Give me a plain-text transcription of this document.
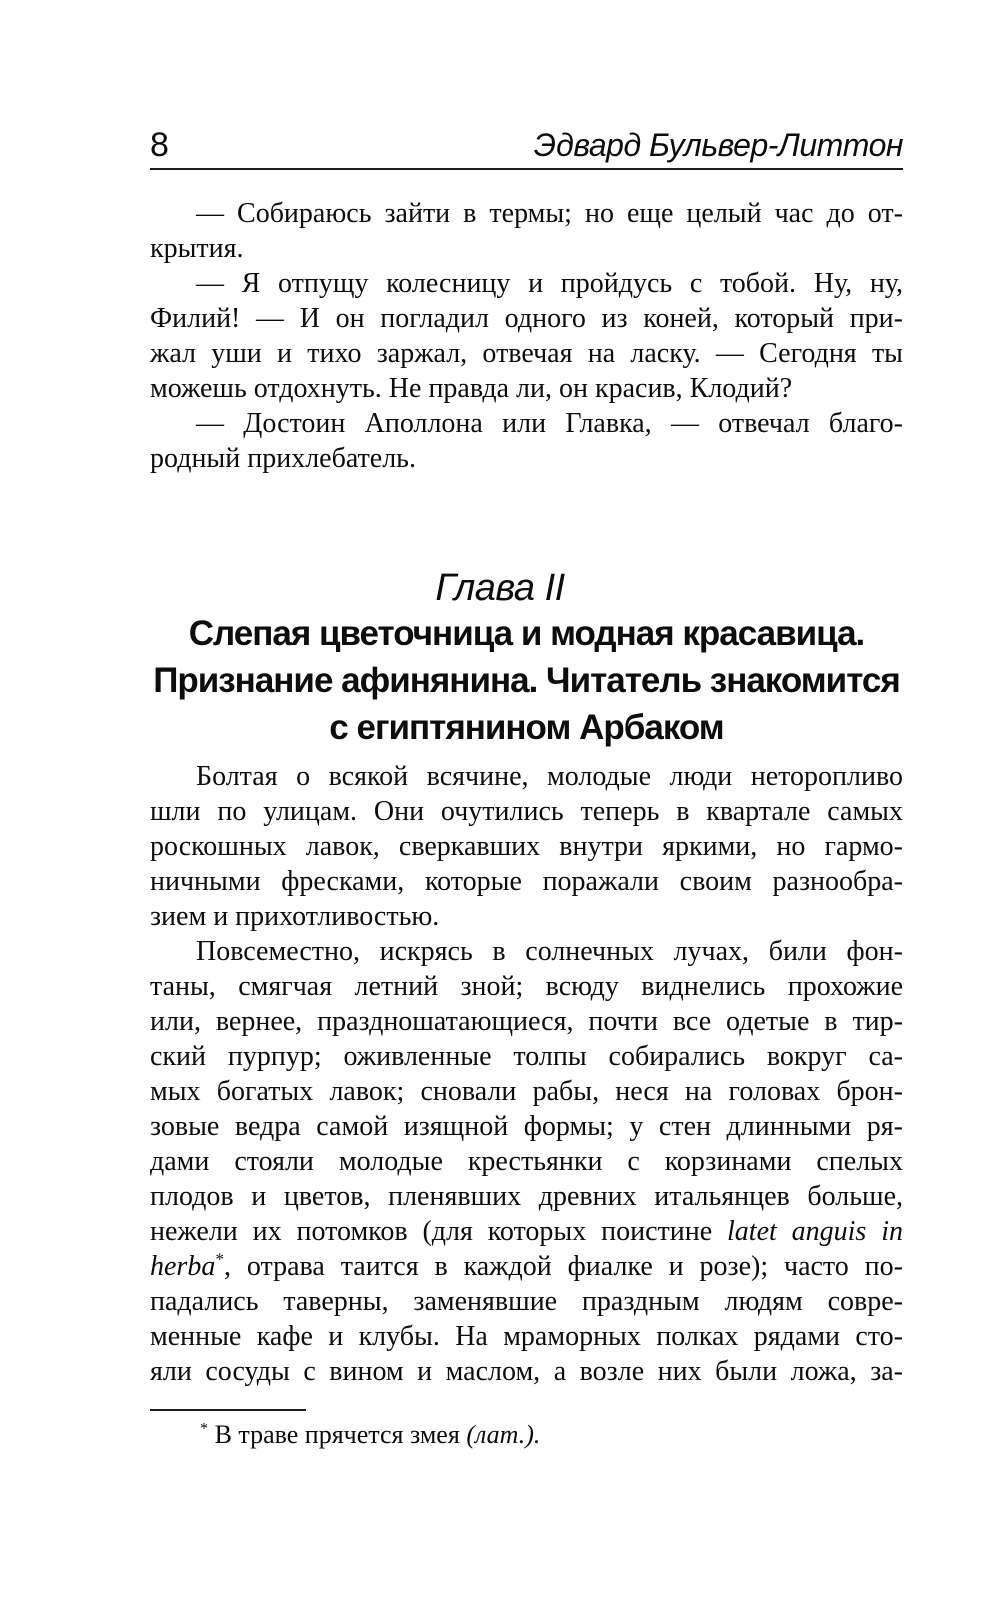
8	Эдвард Бульвер-Литтон
— Собираюсь зайти в термы; но еще целый час до от-
крытия.
— Я отпущу колесницу и пройдусь с тобой. Ну, ну,
Филий! — И он погладил одного из коней, который при-
жал уши и тихо заржал, отвечая на ласку. — Сегодня ты
можешь отдохнуть. Не правда ли, он красив, Клодий?
— Достоин Аполлона или Главка, — отвечал благо-
родный прихлебатель.
Глава II
Слепая цветочница и модная красавица.
Признание афинянина. Читатель знакомится
с египтянином Арбаком
Болтая о всякой всячине, молодые люди неторопливо
шли по улицам. Они очутились теперь в квартале самых
роскошных лавок, сверкавших внутри яркими, но гармо-
ничными фресками, которые поражали своим разнообра-
зием и прихотливостью.
Повсеместно, искрясь в солнечных лучах, били фон-
таны, смягчая летний зной; всюду виднелись прохожие
или, вернее, праздношатающиеся, почти все одетые в тир-
ский пурпур; оживленные толпы собирались вокруг са-
мых богатых лавок; сновали рабы, неся на головах брон-
зовые ведра самой изящной формы; у стен длинными ря-
дами стояли молодые крестьянки с корзинами спелых
плодов и цветов, пленявших древних итальянцев больше,
нежели их потомков (для которых поистине latet anguis in
herba*, отрава таится в каждой фиалке и розе); часто по-
падались таверны, заменявшие праздным людям совре-
менные кафе и клубы. На мраморных полках рядами сто-
яли сосуды с вином и маслом, а возле них были ложа, за-
* В траве прячется змея (лат.).
